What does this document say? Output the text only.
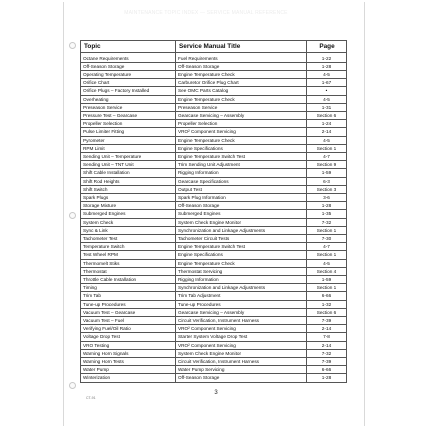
MAINTENANCE TOPIC INDEX — SERVICE MANUAL REFERENCE
Topic	Service Manual Title	Page
Octane Requirements	Fuel Requirements	1-22
Off-Season Storage	Off-Season Storage	1-28
Operating Temperature	Engine Temperature Check	4-5
Orifice Chart	Carburetor Orifice Plug Chart	1-67
Orifice Plugs – Factory Installed	See OMC Parts Catalog	•
Overheating	Engine Temperature Check	4-5
Preseason Service	Preseason Service	1-31
Pressure Test – Gearcase	Gearcase Servicing – Assembly	Section 6
Propeller Selection	Propeller Selection	1-24
Pulse Limiter Fitting	VRO² Component Servicing	2-14
Pyrometer	Engine Temperature Check	4-5
RPM Limit	Engine Specifications	Section 1
Sending Unit – Temperature	Engine Temperature Switch Test	4-7
Sending Unit – TNT Unit	Trim Sending Unit Adjustment	Section 9
Shift Cable Installation	Rigging Information	1-59
Shift Rod Heights	Gearcase Specifications	6-3
Shift Switch	Output Test	Section 3
Spark Plugs	Spark Plug Information	3-6
Storage Mixture	Off-Season Storage	1-28
Submerged Engines	Submerged Engines	1-35
System Check	System Check Engine Monitor	7-32
Sync & Link	Synchronization and Linkage Adjustments	Section 1
Tachometer Test	Tachometer Circuit Tests	7-30
Temperature Switch	Engine Temperature Switch Test	4-7
Test Wheel RPM	Engine Specifications	Section 1
Thermomelt Stiks	Engine Temperature Check	4-5
Thermostat	Thermostat Servicing	Section 4
Throttle Cable Installation	Rigging Information	1-59
Timing	Synchronization and Linkage Adjustments	Section 1
Trim Tab	Trim Tab Adjustment	6-66
Tune-up Procedures	Tune-up Procedures	1-32
Vacuum Test – Gearcase	Gearcase Servicing – Assembly	Section 6
Vacuum Test – Fuel	Circuit Verification, Instrument Harness	7-39
Verifying Fuel/Oil Ratio	VRO² Component Servicing	2-14
Voltage Drop Test	Starter System Voltage Drop Test	7-8
VRO Testing	VRO² Component Servicing	2-14
Warning Horn Signals	System Check Engine Monitor	7-32
Warning Horn Tests	Circuit Verification, Instrument Harness	7-39
Water Pump	Water Pump Servicing	6-66
Winterization	Off-Season Storage	1-28
CT-91
3
